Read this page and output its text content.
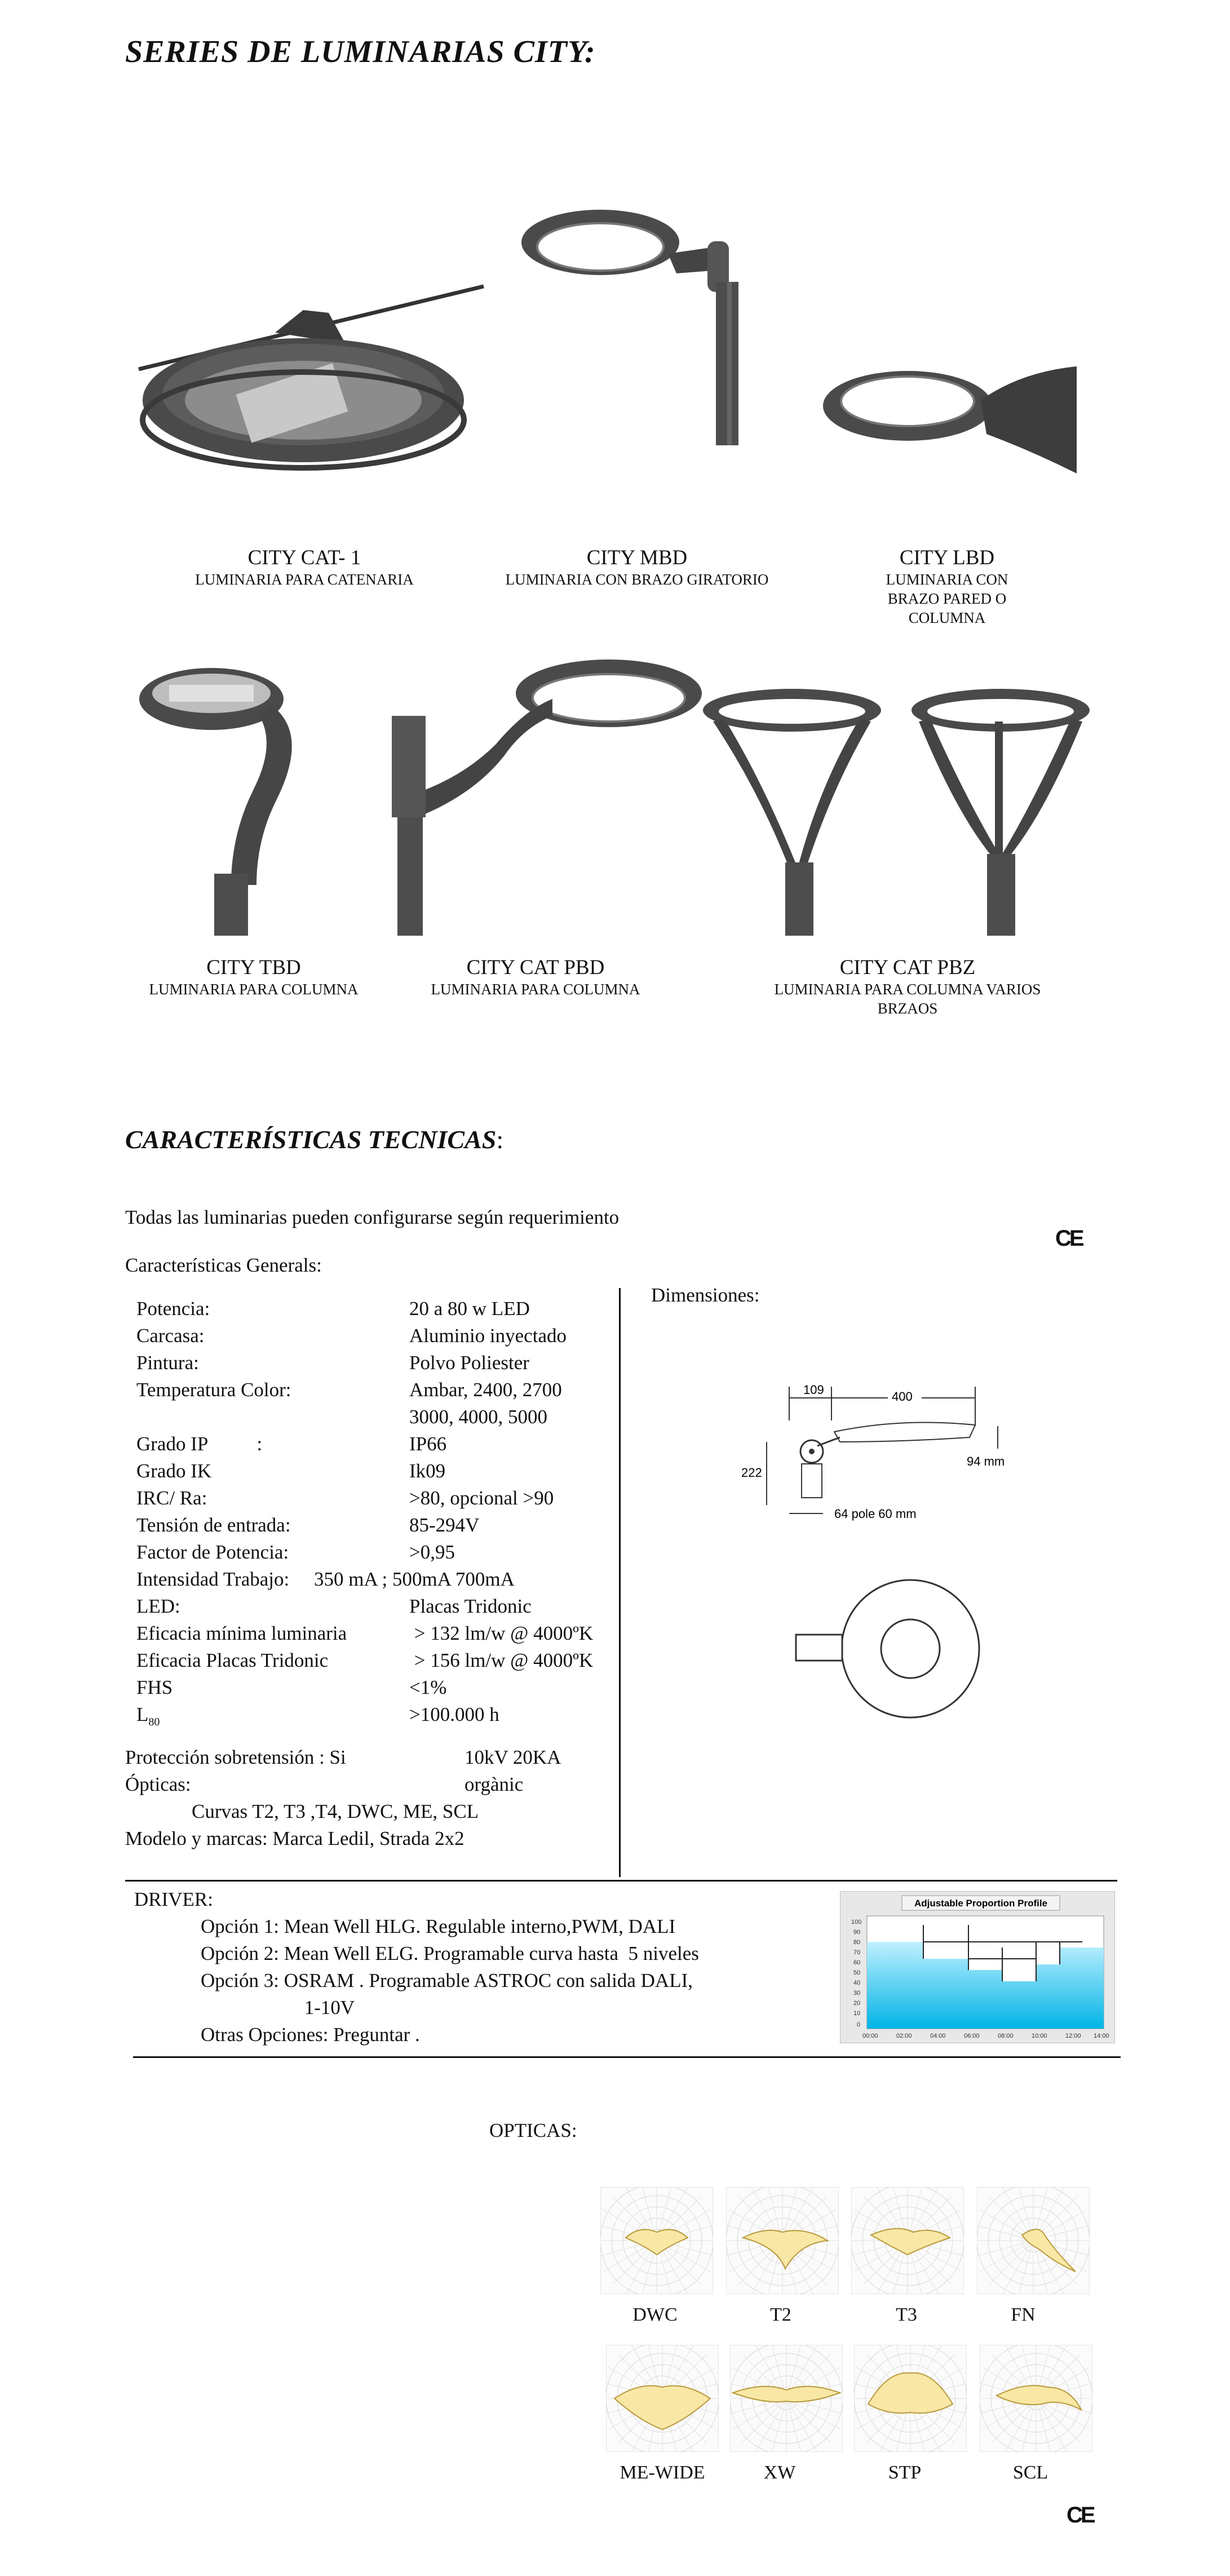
SERIES DE LUMINARIAS CITY:
CITY CAT- 1
LUMINARIA PARA CATENARIA
CITY MBD
LUMINARIA CON BRAZO GIRATORIO
CITY LBD
LUMINARIA CON BRAZO PARED O COLUMNA
CITY TBD
LUMINARIA PARA COLUMNA
CITY CAT PBD
LUMINARIA PARA COLUMNA
CITY CAT PBZ
LUMINARIA PARA COLUMNA VARIOS BRZAOS
CARACTERÍSTICAS TECNICAS:
Todas las luminarias pueden configurarse según requerimiento
CE
Características Generals:
Potencia:	20 a 80 w LED
Carcasa:	Aluminio inyectado
Pintura:	Polvo Poliester
Temperatura Color:	Ambar, 2400, 2700
3000, 4000, 5000
Grado IP          :	IP66
Grado IK	Ik09
IRC/ Ra:	>80, opcional >90
Tensión de entrada:	85-294V
Factor de Potencia:	>0,95
Intensidad Trabajo:     350 mA ; 500mA 700mA
LED:	Placas Tridonic
Eficacia mínima luminaria	> 132 lm/w @ 4000ºK
Eficacia Placas Tridonic	> 156 lm/w @ 4000ºK
FHS	<1%
$L_{80}$	>100.000 h
Protección sobretensión : Si	10kV 20KA
Ópticas:	orgànic
Curvas T2, T3 ,T4, DWC, ME, SCL
Modelo y marcas: Marca Ledil, Strada 2x2
Dimensiones:
109	400
222
94 mm
64 pole 60 mm
DRIVER:
Opción 1: Mean Well HLG. Regulable interno,PWM, DALI
Opción 2: Mean Well ELG. Programable curva hasta  5 niveles
Opción 3: OSRAM . Programable ASTROC con salida DALI,
1-10V
Otras Opciones: Preguntar .
Adjustable Proportion Profile
100
90
80
70
60
50
40
30
20
10
0
00:00	02:00	04:00	06:00	08:00	10:00	12:00 14:00
OPTICAS:
DWC	T2	T3	FN
ME-WIDE	XW	STP	SCL
CE
